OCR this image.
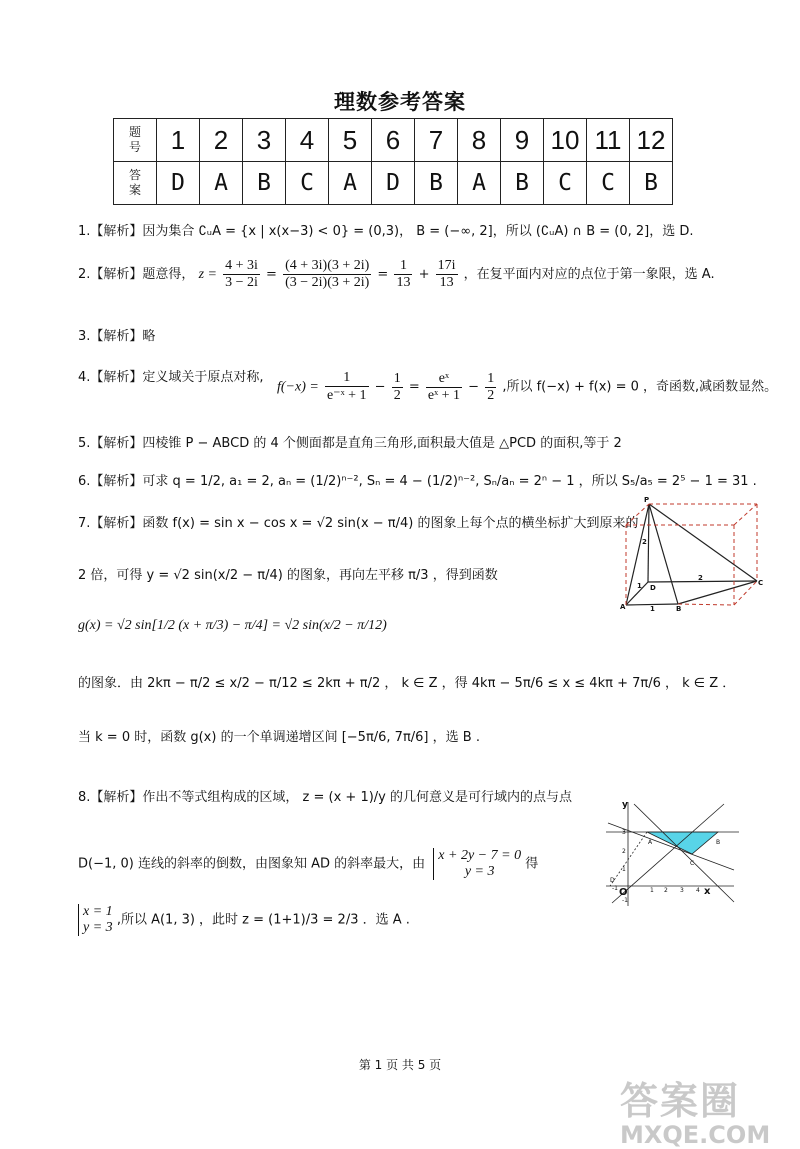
理数参考答案
题号	1	2	3	4	5	6	7	8	9	10	11	12
答案	D	A	B	C	A	D	B	A	B	C	C	B
1.【解析】因为集合 ∁ᵤA = {x | x(x−3) < 0} = (0,3)， B = (−∞, 2]，所以 (∁ᵤA) ∩ B = (0, 2]，选 D.
2.【解析】题意得， $z = \frac{4 + 3i}{3 - 2i} = \frac{(4 + 3i)(3 + 2i)}{(3 - 2i)(3 + 2i)} = \frac{1}{13} + \frac{17i}{13}$ ，在复平面内对应的点位于第一象限，选 A.
3.【解析】略
4.【解析】定义域关于原点对称,
$f(-x) = \frac{1}{\text{e⁻ˣ + 1}} - \frac{1}{2} = \frac{\text{eˣ}}{\text{eˣ + 1}} - \frac{1}{2}$ ,所以 f(−x) + f(x) = 0 ，奇函数,减函数显然。
5.【解析】四棱锥 P − ABCD 的 4 个侧面都是直角三角形,面积最大值是 △PCD 的面积,等于 2
6.【解析】可求 q = 1/2, a₁ = 2, aₙ = (1/2)ⁿ⁻², Sₙ = 4 − (1/2)ⁿ⁻², Sₙ/aₙ = 2ⁿ − 1 ，所以 S₅/a₅ = 2⁵ − 1 = 31 .
7.【解析】函数 f(x) = sin x − cos x = √2 sin(x − π/4) 的图象上每个点的横坐标扩大到原来的
2 倍，可得 y = √2 sin(x/2 − π/4) 的图象，再向左平移 π/3 ，得到函数
g(x) = √2 sin[1/2 (x + π/3) − π/4] = √2 sin(x/2 − π/12)
的图象．由 2kπ − π/2 ≤ x/2 − π/12 ≤ 2kπ + π/2 ， k ∈ Z ，得 4kπ − 5π/6 ≤ x ≤ 4kπ + 7π/6 ， k ∈ Z ．
当 k = 0 时，函数 g(x) 的一个单调递增区间 [−5π/6, 7π/6] ，选 B .
P
A	B
C
D
2
1
2
1
8.【解析】作出不等式组构成的区域， z = (x + 1)/y 的几何意义是可行域内的点与点
D(−1, 0) 连线的斜率的倒数，由图象知 AD 的斜率最大，由
x + 2y − 7 = 0
y = 3	得
x = 1
y = 3 ,所以 A(1, 3) ，此时 z = (1+1)/3 = 2/3 ．选 A .
y
x
O
A	B
C
D
3
2
1
-1	1 2 3 4
-1
第 1 页 共 5 页
答案圈
MXQE.COM
